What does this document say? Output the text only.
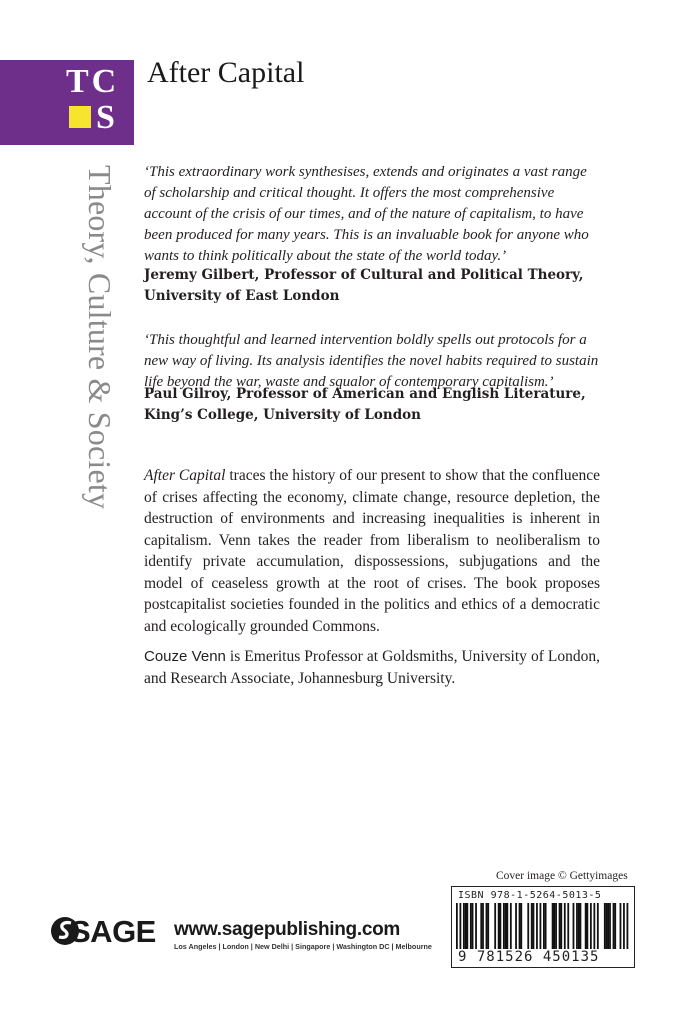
TC
S
After Capital
Theory, Culture & Society ‘This extraordinary work synthesises, extends and originates a vast range of scholarship and critical thought. It offers the most comprehensive account of the crisis of our times, and of the nature of capitalism, to have been produced for many years. This is an invaluable book for anyone who wants to think politically about the state of the world today.’

Jeremy Gilbert, Professor of Cultural and Political Theory, University of East London

‘This thoughtful and learned intervention boldly spells out protocols for a new way of living. Its analysis identifies the novel habits required to sustain life beyond the war, waste and squalor of contemporary capitalism.’

Paul Gilroy, Professor of American and English Literature, King’s College, University of London

After Capital traces the history of our present to show that the confluence of crises affecting the economy, climate change, resource depletion, the destruction of environments and increasing inequalities is inherent in capitalism. Venn takes the reader from liberalism to neoliberalism to identify private accumulation, dispossessions, subjugations and the model of ceaseless growth at the root of crises. The book proposes postcapitalist societies founded in the politics and ethics of a democratic and ecologically grounded Commons.

Couze Venn is Emeritus Professor at Goldsmiths, University of London, and Research Associate, Johannesburg University.

Cover image © Gettyimages
ISBN 978-1-5264-5013-5
9 781526 450135
SAGE www.sagepublishing.com
Los Angeles | London | New Delhi | Singapore | Washington DC | Melbourne
